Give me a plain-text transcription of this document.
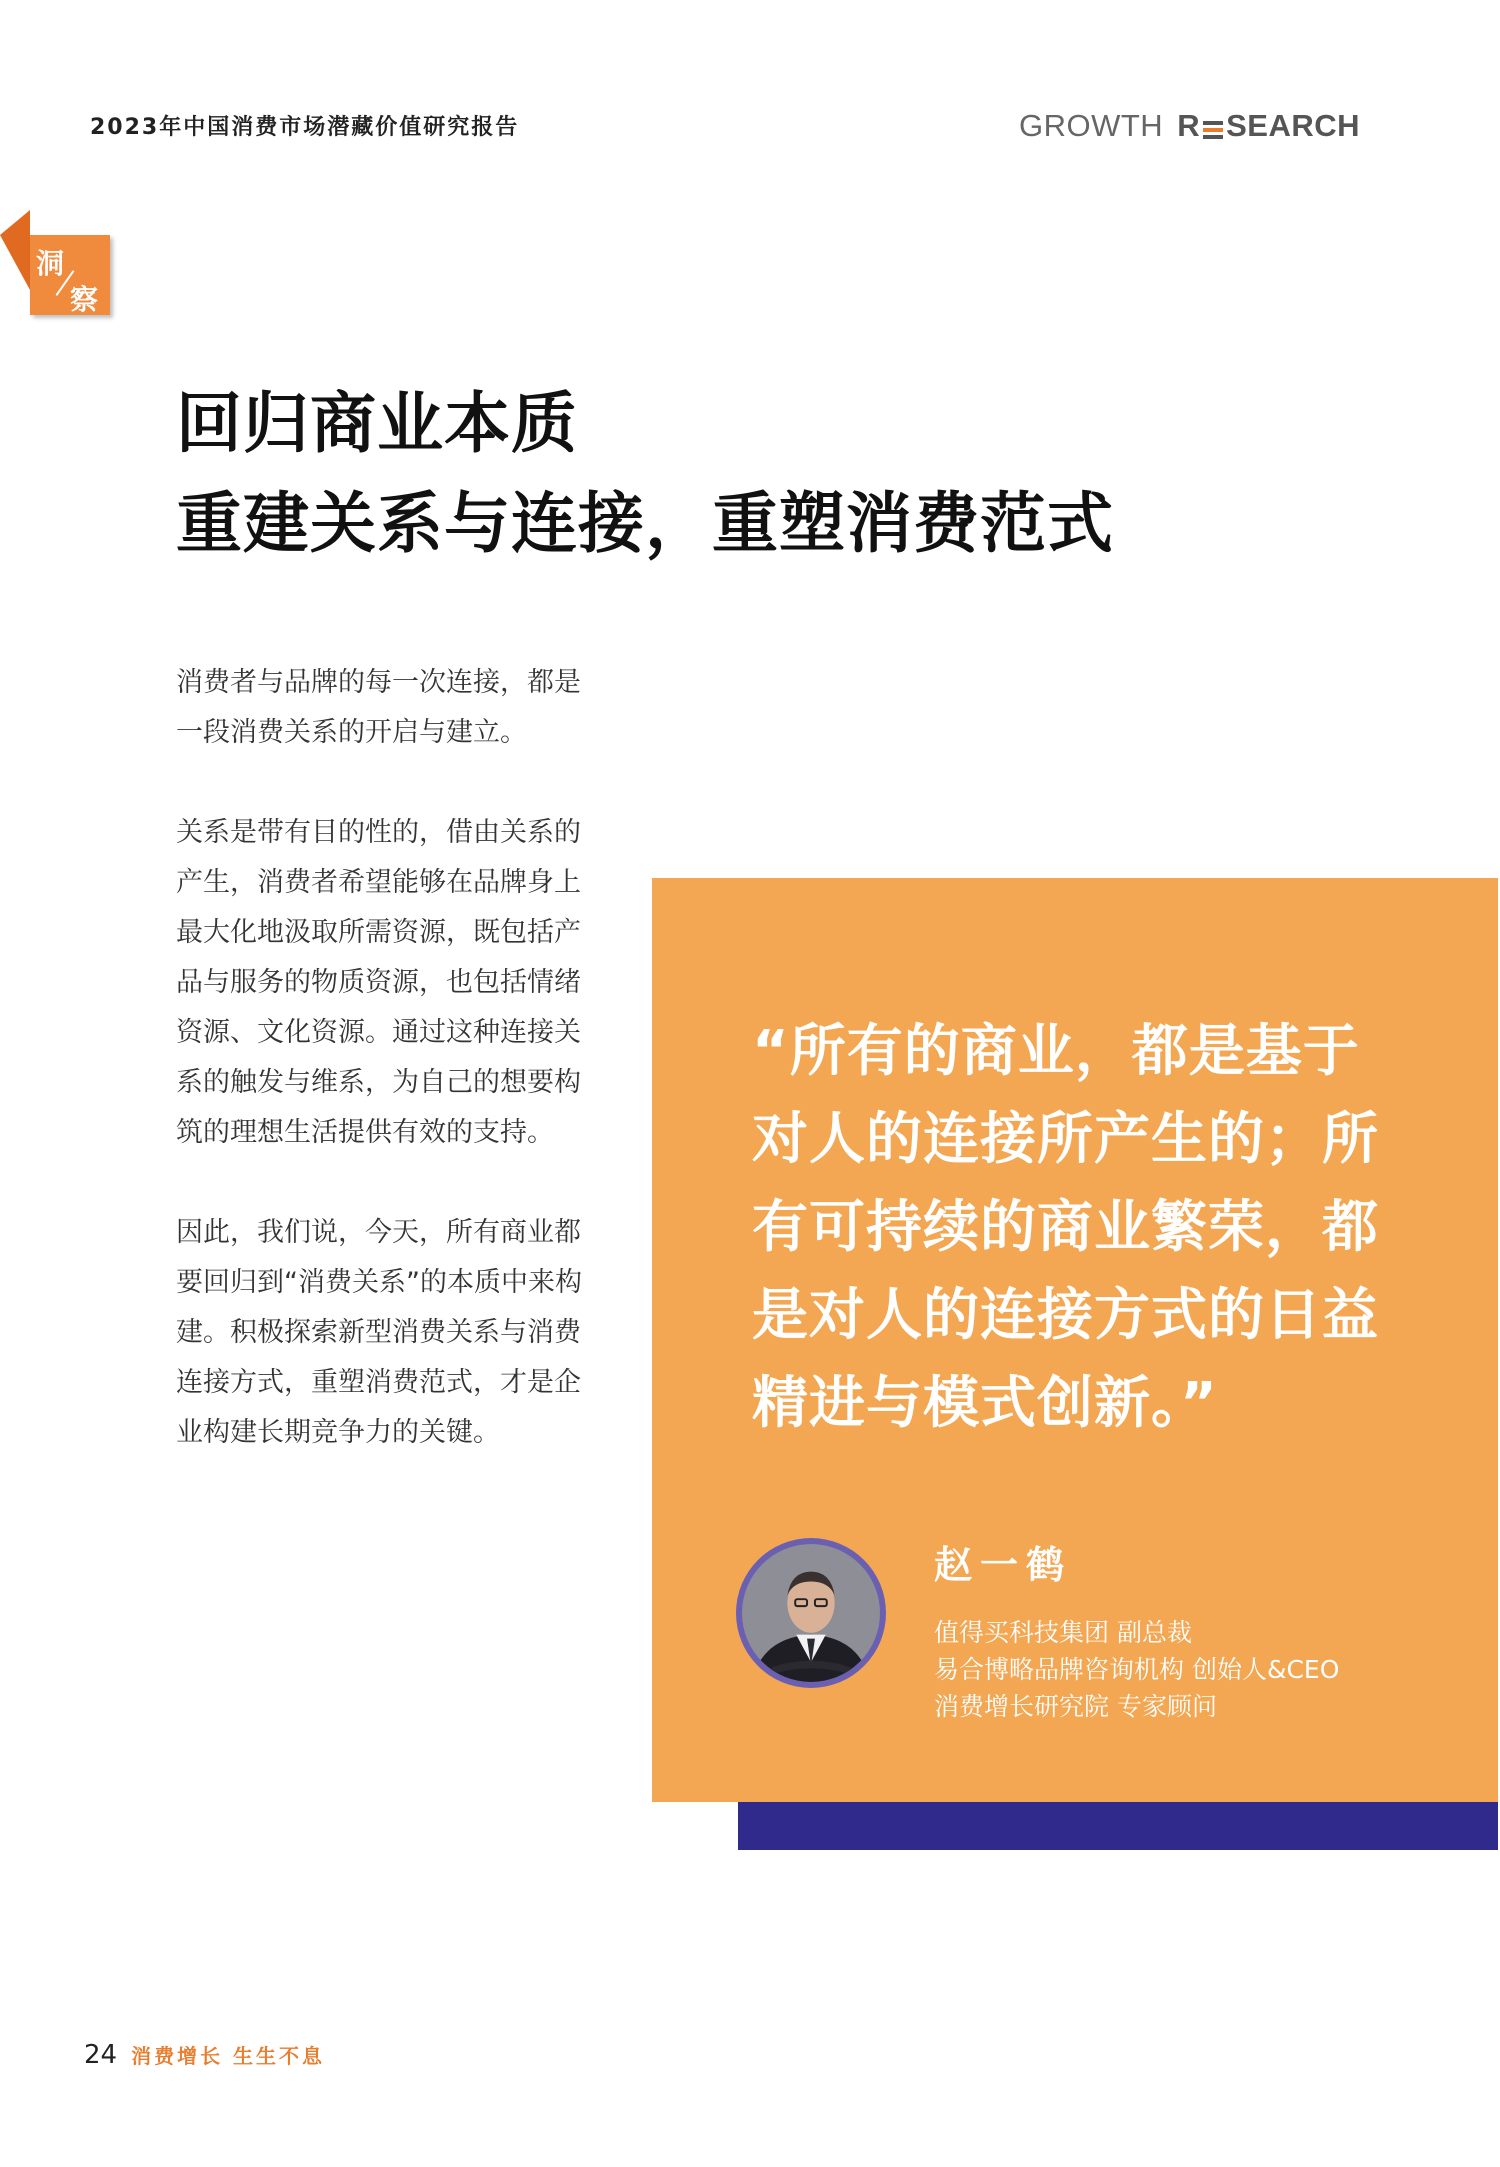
2023年中国消费市场潜藏价值研究报告	GROWTH R SEARCH
洞
察
回归商业本质
重建关系与连接，重塑消费范式

消费者与品牌的每一次连接，都是一段消费关系的开启与建立。

关系是带有目的性的，借由关系的产生，消费者希望能够在品牌身上最大化地汲取所需资源，既包括产品与服务的物质资源，也包括情绪资源、文化资源。通过这种连接关系的触发与维系，为自己的想要构筑的理想生活提供有效的支持。

因此，我们说，今天，所有商业都要回归到“消费关系”的本质中来构建。积极探索新型消费关系与消费连接方式，重塑消费范式，才是企业构建长期竞争力的关键。

“所有的商业，都是基于对人的连接所产生的；所有可持续的商业繁荣，都是对人的连接方式的日益精进与模式创新。”
赵一鹤
值得买科技集团 副总裁
易合博略品牌咨询机构 创始人&CEO
消费增长研究院 专家顾问
24 消费增长 生生不息
